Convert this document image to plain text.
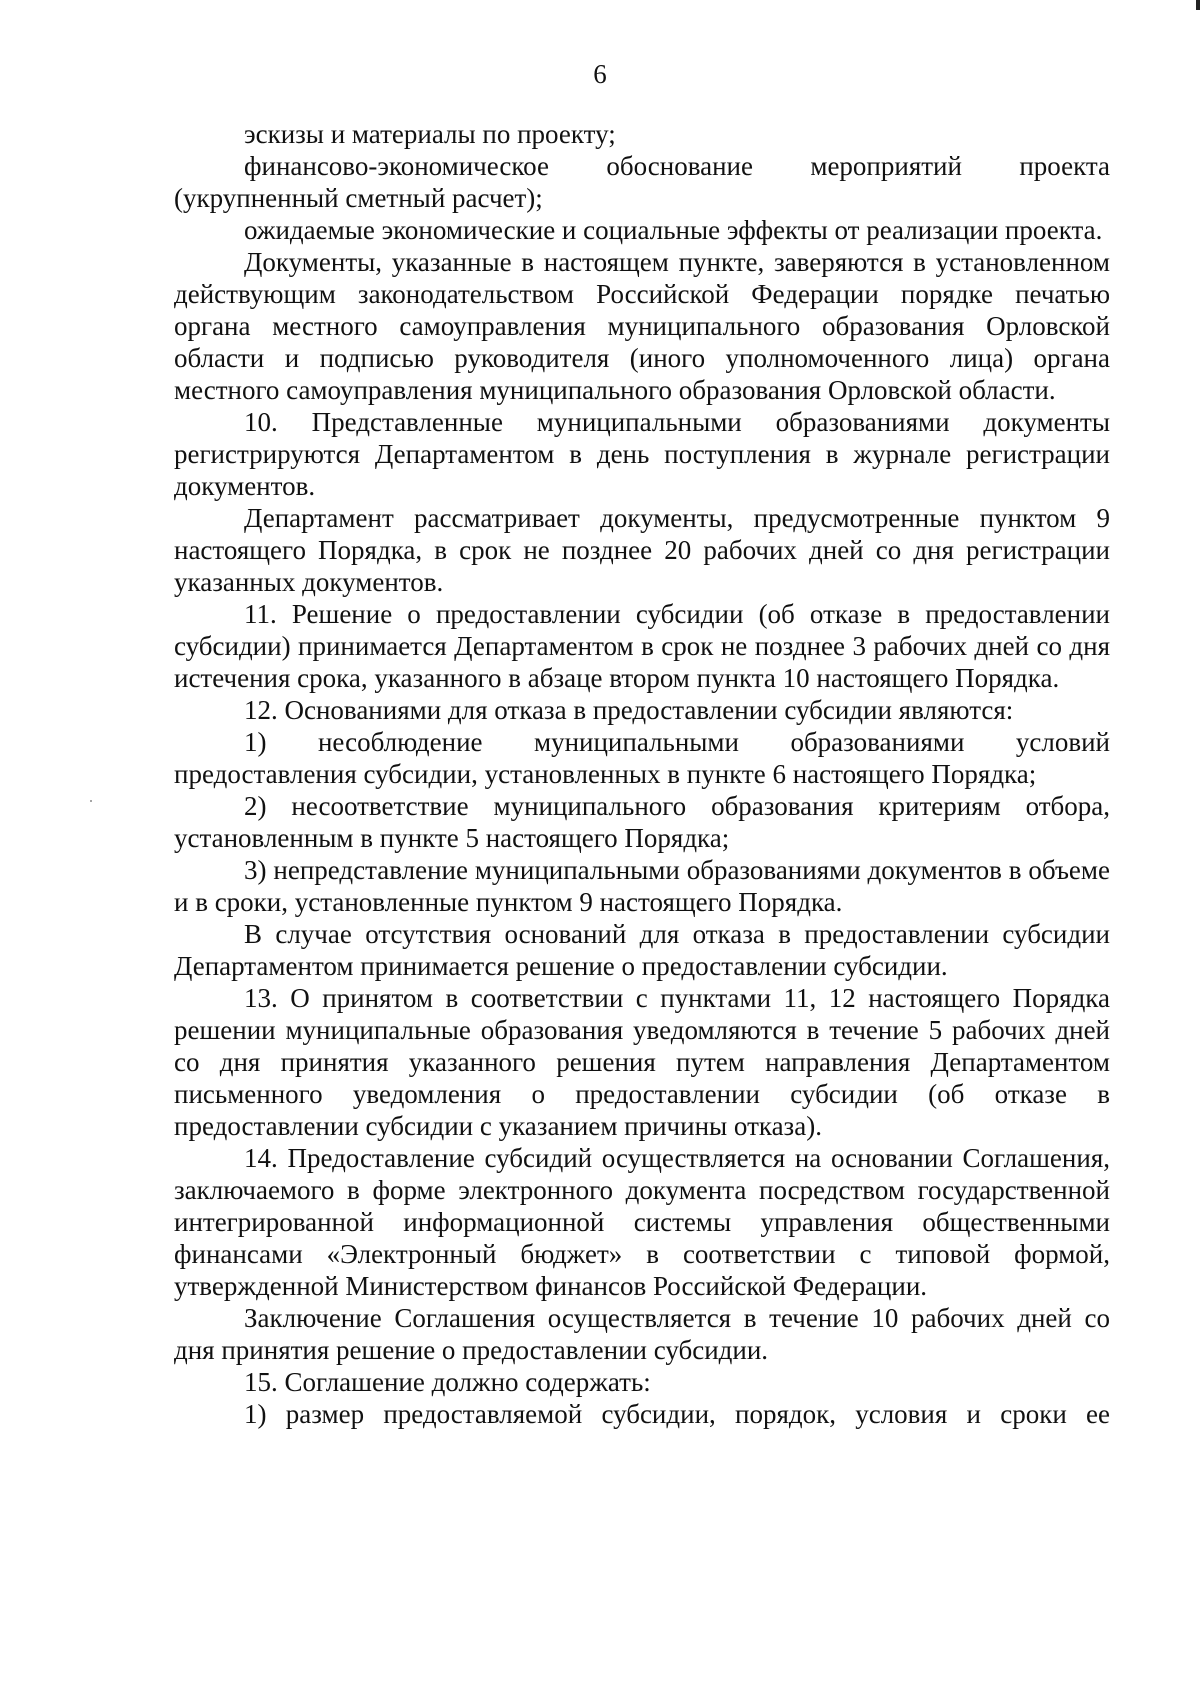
6

эскизы и материалы по проекту;

финансово-экономическое обоснование мероприятий проекта (укрупненный сметный расчет);

ожидаемые экономические и социальные эффекты от реализации проекта.

Документы, указанные в настоящем пункте, заверяются в установленном действующим законодательством Российской Федерации порядке печатью органа местного самоуправления муниципального образования Орловской области и подписью руководителя (иного уполномоченного лица) органа местного самоуправления муниципального образования Орловской области.

10. Представленные муниципальными образованиями документы регистрируются Департаментом в день поступления в журнале регистрации документов.

Департамент рассматривает документы, предусмотренные пунктом 9 настоящего Порядка, в срок не позднее 20 рабочих дней со дня регистрации указанных документов.

11. Решение о предоставлении субсидии (об отказе в предоставлении субсидии) принимается Департаментом в срок не позднее 3 рабочих дней со дня истечения срока, указанного в абзаце втором пункта 10 настоящего Порядка.

12. Основаниями для отказа в предоставлении субсидии являются:

1) несоблюдение муниципальными образованиями условий предоставления субсидии, установленных в пункте 6 настоящего Порядка;

2) несоответствие муниципального образования критериям отбора, установленным в пункте 5 настоящего Порядка;

3) непредставление муниципальными образованиями документов в объеме и в сроки, установленные пунктом 9 настоящего Порядка.

В случае отсутствия оснований для отказа в предоставлении субсидии Департаментом принимается решение о предоставлении субсидии.

13. О принятом в соответствии с пунктами 11, 12 настоящего Порядка решении муниципальные образования уведомляются в течение 5 рабочих дней со дня принятия указанного решения путем направления Департаментом письменного уведомления о предоставлении субсидии (об отказе в предоставлении субсидии с указанием причины отказа).

14. Предоставление субсидий осуществляется на основании Соглашения, заключаемого в форме электронного документа посредством государственной интегрированной информационной системы управления общественными финансами «Электронный бюджет» в соответствии с типовой формой, утвержденной Министерством финансов Российской Федерации.

Заключение Соглашения осуществляется в течение 10 рабочих дней со дня принятия решение о предоставлении субсидии.

15. Соглашение должно содержать:

1) размер предоставляемой субсидии, порядок, условия и сроки ее
